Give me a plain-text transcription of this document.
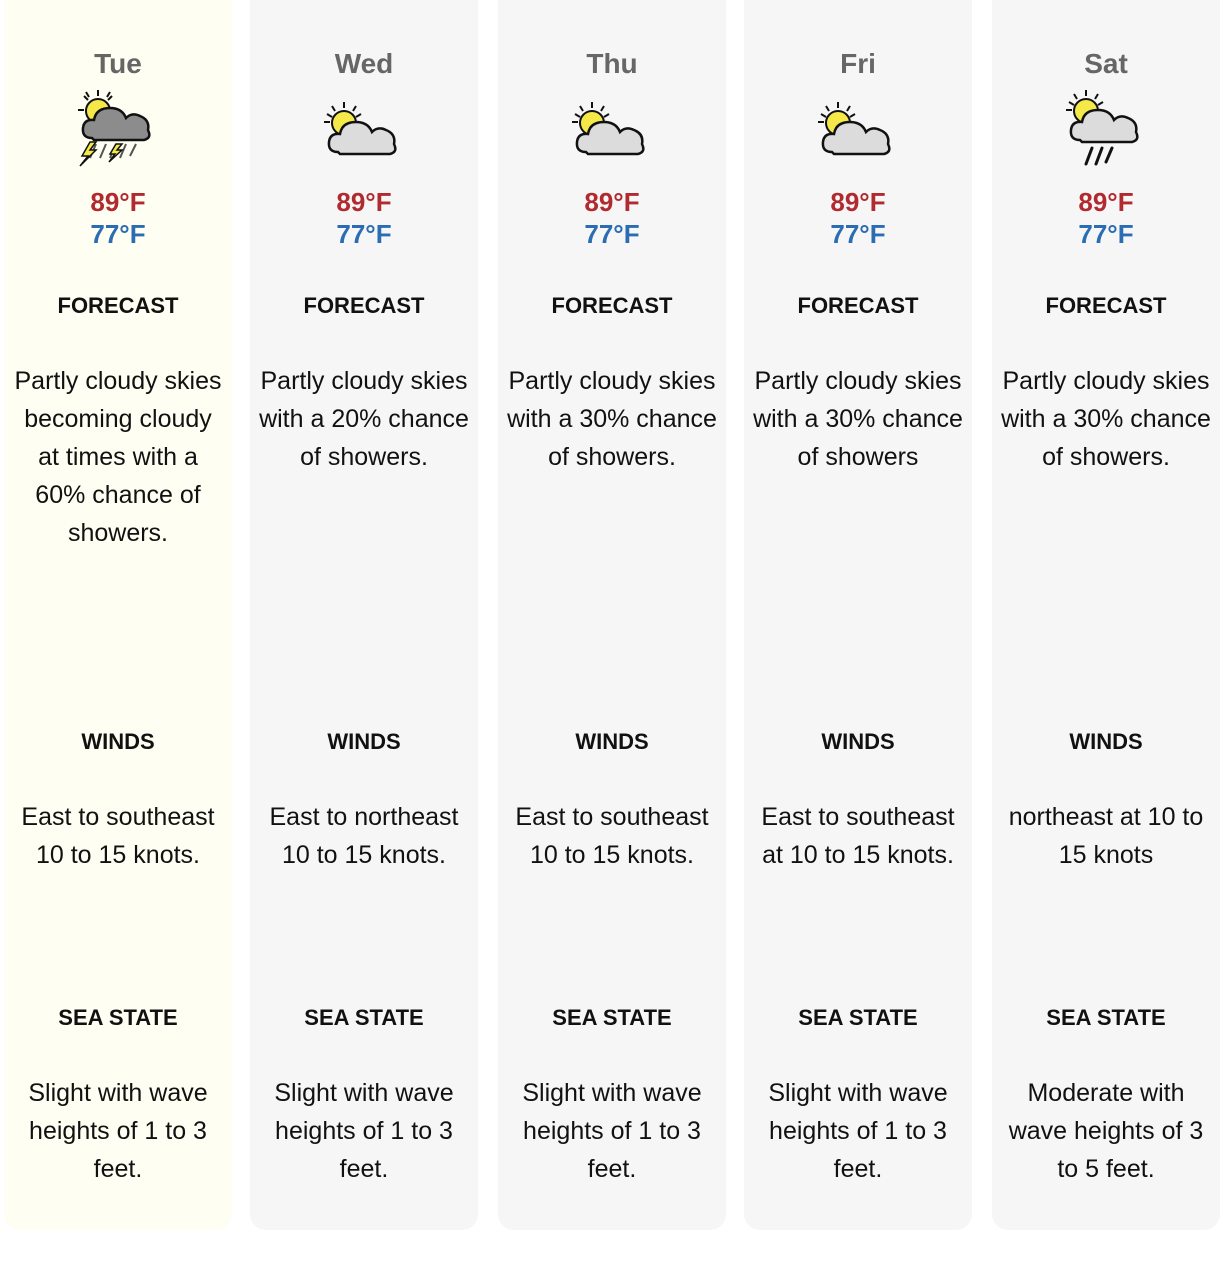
Tue
89°F
77°F
FORECAST
Partly cloudy skies becoming cloudy at times with a 60% chance of showers.
WINDS
East to southeast 10 to 15 knots.
SEA STATE
Slight with wave heights of 1 to 3 feet.
Wed
89°F
77°F
FORECAST
Partly cloudy skies with a 20% chance of showers.
WINDS
East to northeast 10 to 15 knots.
SEA STATE
Slight with wave heights of 1 to 3 feet.
Thu
89°F
77°F
FORECAST
Partly cloudy skies with a 30% chance of showers.
WINDS
East to southeast 10 to 15 knots.
SEA STATE
Slight with wave heights of 1 to 3 feet.
Fri
89°F
77°F
FORECAST
Partly cloudy skies with a 30% chance of showers
WINDS
East to southeast at 10 to 15 knots.
SEA STATE
Slight with wave heights of 1 to 3 feet.
Sat
89°F
77°F
FORECAST
Partly cloudy skies with a 30% chance of showers.
WINDS
northeast at 10 to 15 knots
SEA STATE
Moderate with wave heights of 3 to 5 feet.
